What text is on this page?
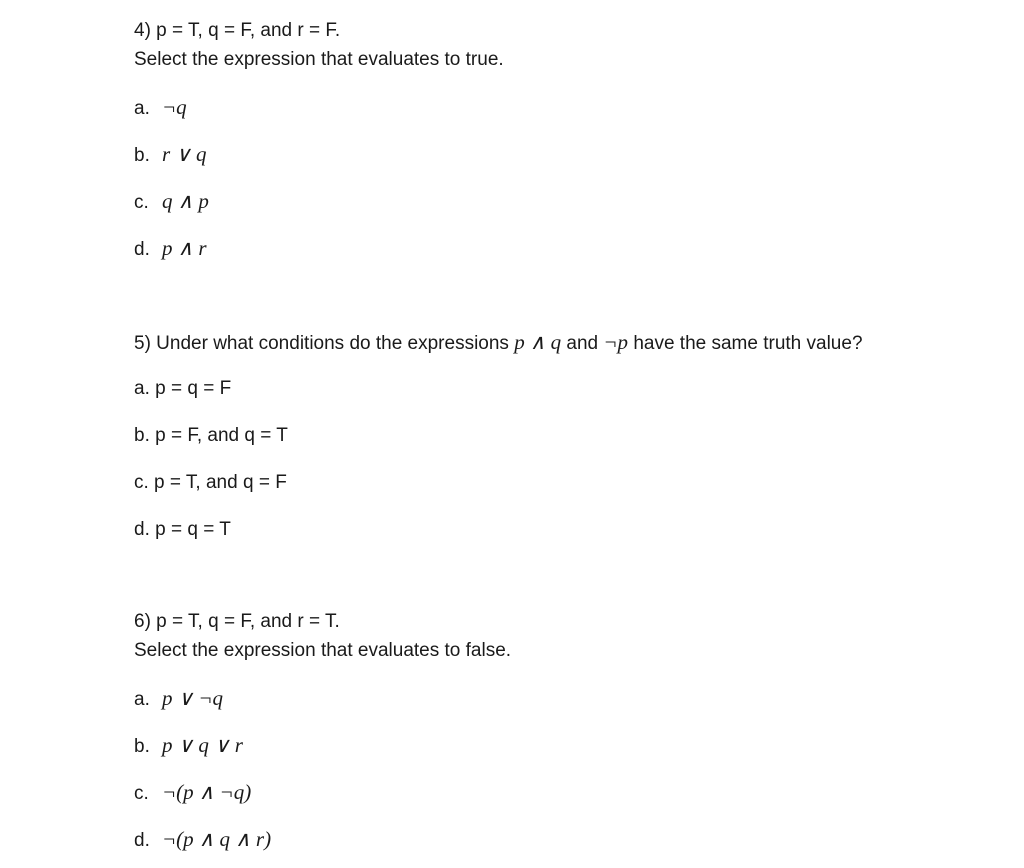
4) p = T, q = F, and r = F.
Select the expression that evaluates to true.
a. ¬q
b. r ∨ q
c. q ∧ p
d. p ∧ r
5) Under what conditions do the expressions p ∧ q and ¬p have the same truth value?
a. p = q = F
b. p = F, and q = T
c. p = T, and q = F
d. p = q = T
6) p = T, q = F, and r = T.
Select the expression that evaluates to false.
a. p ∨ ¬q
b. p ∨ q ∨ r
c. ¬(p ∧ ¬q)
d. ¬(p ∧ q ∧ r)
